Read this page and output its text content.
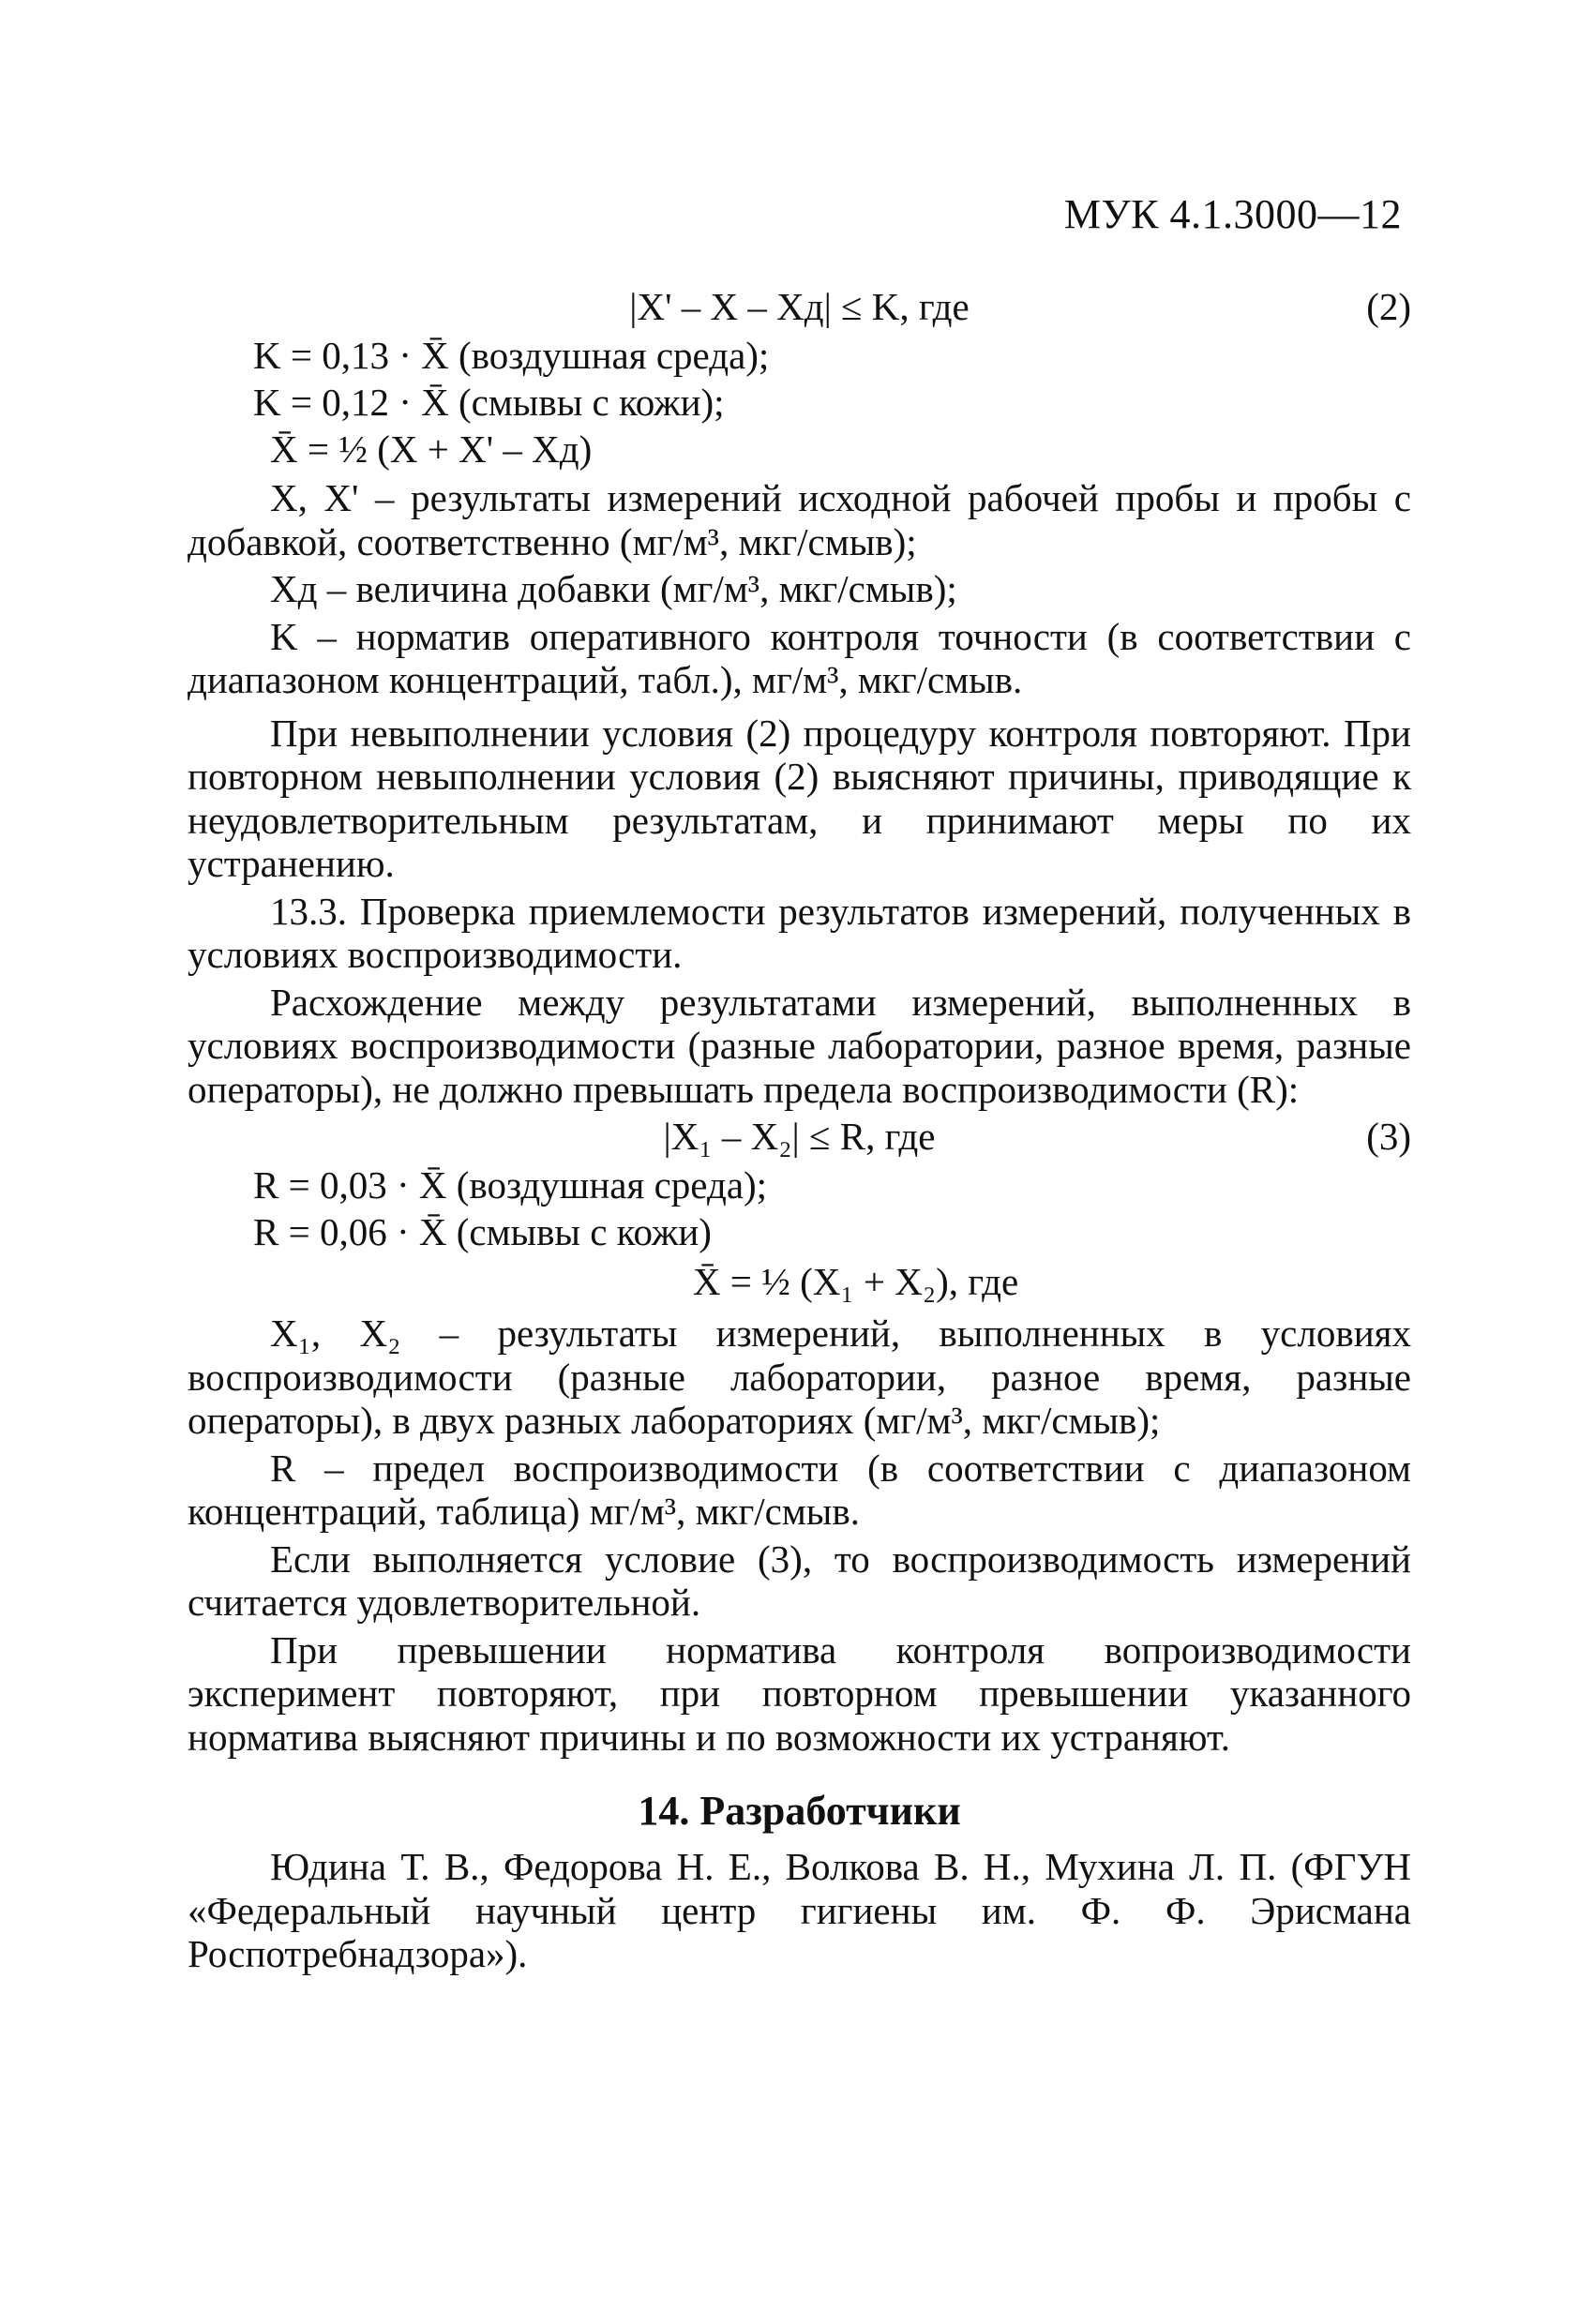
МУК 4.1.3000—12
|X' – X – Xд| ≤ K, где	(2)
K = 0,13 · X̄ (воздушная среда);
K = 0,12 · X̄ (смывы с кожи);
X̄ = ½ (X + X' – Xд)

X, X' – результаты измерений исходной рабочей пробы и пробы с добавкой, соответственно (мг/м³, мкг/смыв);

Xд – величина добавки (мг/м³, мкг/смыв);

K – норматив оперативного контроля точности (в соответствии с диапазоном концентраций, табл.), мг/м³, мкг/смыв.

При невыполнении условия (2) процедуру контроля повторяют. При повторном невыполнении условия (2) выясняют причины, приводящие к неудовлетворительным результатам, и принимают меры по их устранению.

13.3. Проверка приемлемости результатов измерений, полученных в условиях воспроизводимости.

Расхождение между результатами измерений, выполненных в условиях воспроизводимости (разные лаборатории, разное время, разные операторы), не должно превышать предела воспроизводимости (R):

|X₁ – X₂| ≤ R, где	(3)
R = 0,03 · X̄ (воздушная среда);
R = 0,06 · X̄ (смывы с кожи)
X̄ = ½ (X₁ + X₂), где

X₁, X₂ – результаты измерений, выполненных в условиях воспроизводимости (разные лаборатории, разное время, разные операторы), в двух разных лабораториях (мг/м³, мкг/смыв);

R – предел воспроизводимости (в соответствии с диапазоном концентраций, таблица) мг/м³, мкг/смыв.

Если выполняется условие (3), то воспроизводимость измерений считается удовлетворительной.

При превышении норматива контроля вопроизводимости эксперимент повторяют, при повторном превышении указанного норматива выясняют причины и по возможности их устраняют.

14. Разработчики

Юдина Т. В., Федорова Н. Е., Волкова В. Н., Мухина Л. П. (ФГУН «Федеральный научный центр гигиены им. Ф. Ф. Эрисмана Роспотребнадзора»).
